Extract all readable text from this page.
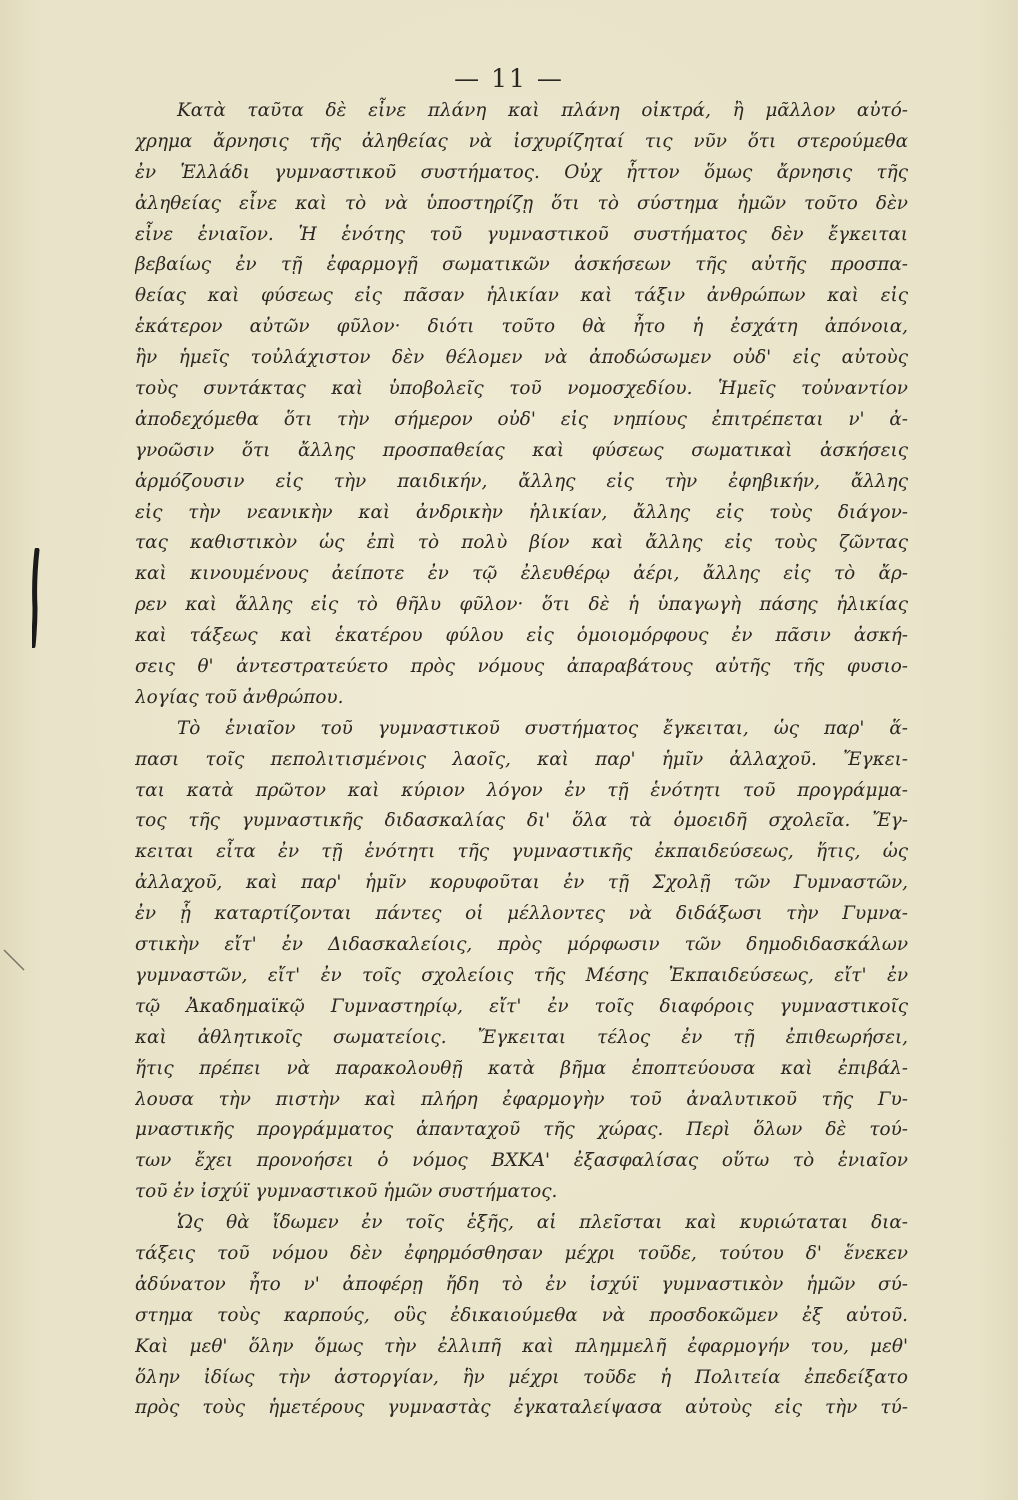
— 11 —
Κατὰ ταῦτα δὲ εἶνε πλάνη καὶ πλάνη οἰκτρά, ἢ μᾶλλον αὐτό-
χρημα ἄρνησις τῆς ἀληθείας νὰ ἰσχυρίζηταί τις νῦν ὅτι στερούμεθα
ἐν Ἑλλάδι γυμναστικοῦ συστήματος. Οὐχ ἧττον ὅμως ἄρνησις τῆς
ἀληθείας εἶνε καὶ τὸ νὰ ὑποστηρίζῃ ὅτι τὸ σύστημα ἡμῶν τοῦτο δὲν
εἶνε ἑνιαῖον. Ἡ ἑνότης τοῦ γυμναστικοῦ συστήματος δὲν ἔγκειται
βεβαίως ἐν τῇ ἐφαρμογῇ σωματικῶν ἀσκήσεων τῆς αὐτῆς προσπα-
θείας καὶ φύσεως εἰς πᾶσαν ἡλικίαν καὶ τάξιν ἀνθρώπων καὶ εἰς
ἑκάτερον αὐτῶν φῦλον· διότι τοῦτο θὰ ἦτο ἡ ἐσχάτη ἀπόνοια,
ἣν ἡμεῖς τοὐλάχιστον δὲν θέλομεν νὰ ἀποδώσωμεν οὐδ' εἰς αὐτοὺς
τοὺς συντάκτας καὶ ὑποβολεῖς τοῦ νομοσχεδίου. Ἡμεῖς τοὐναντίον
ἀποδεχόμεθα ὅτι τὴν σήμερον οὐδ' εἰς νηπίους ἐπιτρέπεται ν' ἀ-
γνοῶσιν ὅτι ἄλλης προσπαθείας καὶ φύσεως σωματικαὶ ἀσκήσεις
ἁρμόζουσιν εἰς τὴν παιδικήν, ἄλλης εἰς τὴν ἐφηβικήν, ἄλλης
εἰς τὴν νεανικὴν καὶ ἀνδρικὴν ἡλικίαν, ἄλλης εἰς τοὺς διάγον-
τας καθιστικὸν ὡς ἐπὶ τὸ πολὺ βίον καὶ ἄλλης εἰς τοὺς ζῶντας
καὶ κινουμένους ἀείποτε ἐν τῷ ἐλευθέρῳ ἀέρι, ἄλλης εἰς τὸ ἄρ-
ρεν καὶ ἄλλης εἰς τὸ θῆλυ φῦλον· ὅτι δὲ ἡ ὑπαγωγὴ πάσης ἡλικίας
καὶ τάξεως καὶ ἑκατέρου φύλου εἰς ὁμοιομόρφους ἐν πᾶσιν ἀσκή-
σεις θ' ἀντεστρατεύετο πρὸς νόμους ἀπαραβάτους αὐτῆς τῆς φυσιο-
λογίας τοῦ ἀνθρώπου.
Τὸ ἑνιαῖον τοῦ γυμναστικοῦ συστήματος ἔγκειται, ὡς παρ' ἅ-
πασι τοῖς πεπολιτισμένοις λαοῖς, καὶ παρ' ἡμῖν ἀλλαχοῦ. Ἔγκει-
ται κατὰ πρῶτον καὶ κύριον λόγον ἐν τῇ ἑνότητι τοῦ προγράμμα-
τος τῆς γυμναστικῆς διδασκαλίας δι' ὅλα τὰ ὁμοειδῆ σχολεῖα. Ἔγ-
κειται εἶτα ἐν τῇ ἑνότητι τῆς γυμναστικῆς ἐκπαιδεύσεως, ἥτις, ὡς
ἀλλαχοῦ, καὶ παρ' ἡμῖν κορυφοῦται ἐν τῇ Σχολῇ τῶν Γυμναστῶν,
ἐν ᾗ καταρτίζονται πάντες οἱ μέλλοντες νὰ διδάξωσι τὴν Γυμνα-
στικὴν εἴτ' ἐν Διδασκαλείοις, πρὸς μόρφωσιν τῶν δημοδιδασκάλων
γυμναστῶν, εἴτ' ἐν τοῖς σχολείοις τῆς Μέσης Ἐκπαιδεύσεως, εἴτ' ἐν
τῷ Ἀκαδημαϊκῷ Γυμναστηρίῳ, εἴτ' ἐν τοῖς διαφόροις γυμναστικοῖς
καὶ ἀθλητικοῖς σωματείοις. Ἔγκειται τέλος ἐν τῇ ἐπιθεωρήσει,
ἥτις πρέπει νὰ παρακολουθῇ κατὰ βῆμα ἐποπτεύουσα καὶ ἐπιβάλ-
λουσα τὴν πιστὴν καὶ πλήρη ἐφαρμογὴν τοῦ ἀναλυτικοῦ τῆς Γυ-
μναστικῆς προγράμματος ἁπανταχοῦ τῆς χώρας. Περὶ ὅλων δὲ τού-
των ἔχει προνοήσει ὁ νόμος ΒΧΚΑ' ἐξασφαλίσας οὕτω τὸ ἑνιαῖον
τοῦ ἐν ἰσχύϊ γυμναστικοῦ ἡμῶν συστήματος.
Ὡς θὰ ἴδωμεν ἐν τοῖς ἑξῆς, αἱ πλεῖσται καὶ κυριώταται δια-
τάξεις τοῦ νόμου δὲν ἐφηρμόσθησαν μέχρι τοῦδε, τούτου δ' ἕνεκεν
ἀδύνατον ἦτο ν' ἀποφέρῃ ἤδη τὸ ἐν ἰσχύϊ γυμναστικὸν ἡμῶν σύ-
στημα τοὺς καρπούς, οὓς ἐδικαιούμεθα νὰ προσδοκῶμεν ἐξ αὐτοῦ.
Καὶ μεθ' ὅλην ὅμως τὴν ἐλλιπῆ καὶ πλημμελῆ ἐφαρμογήν του, μεθ'
ὅλην ἰδίως τὴν ἀστοργίαν, ἣν μέχρι τοῦδε ἡ Πολιτεία ἐπεδείξατο
πρὸς τοὺς ἡμετέρους γυμναστὰς ἐγκαταλείψασα αὐτοὺς εἰς τὴν τύ-
